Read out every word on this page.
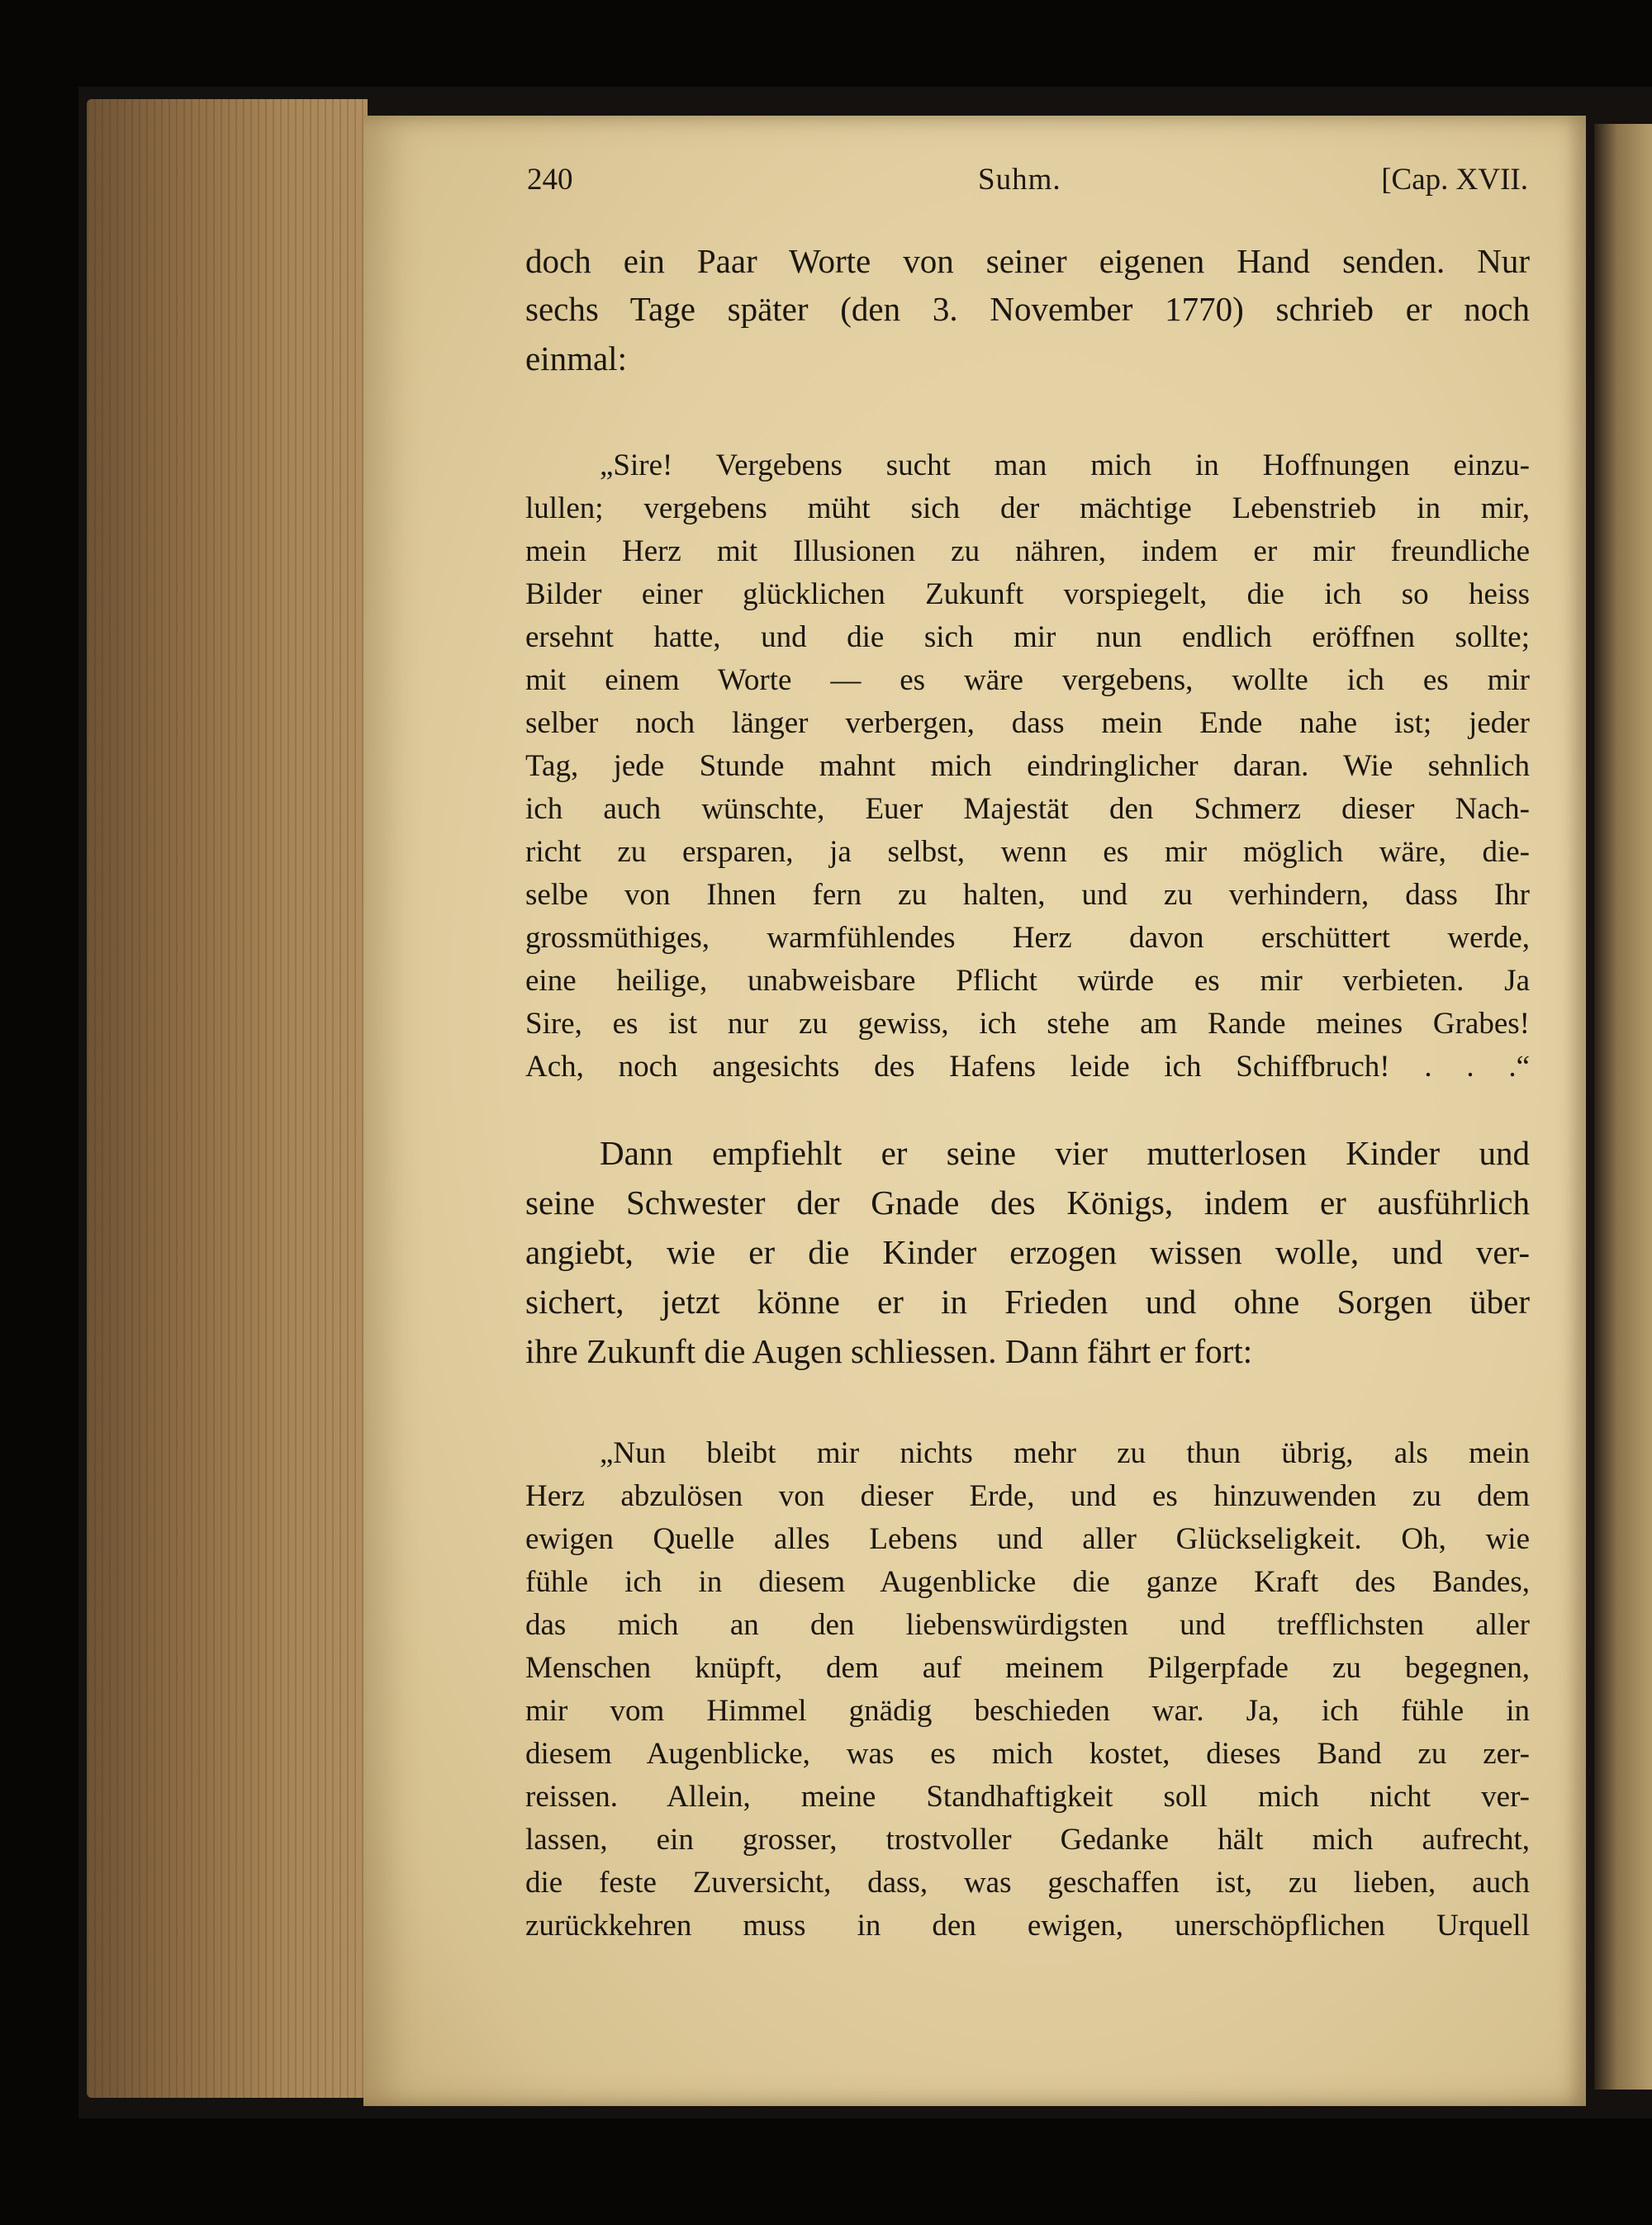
240	Suhm.	[Cap. XVII.
doch ein Paar Worte von seiner eigenen Hand senden. Nur
sechs Tage später (den 3. November 1770) schrieb er noch
einmal:
„Sire! Vergebens sucht man mich in Hoffnungen einzu-
lullen; vergebens müht sich der mächtige Lebenstrieb in mir,
mein Herz mit Illusionen zu nähren, indem er mir freundliche
Bilder einer glücklichen Zukunft vorspiegelt, die ich so heiss
ersehnt hatte, und die sich mir nun endlich eröffnen sollte;
mit einem Worte — es wäre vergebens, wollte ich es mir
selber noch länger verbergen, dass mein Ende nahe ist; jeder
Tag, jede Stunde mahnt mich eindringlicher daran. Wie sehnlich
ich auch wünschte, Euer Majestät den Schmerz dieser Nach-
richt zu ersparen, ja selbst, wenn es mir möglich wäre, die-
selbe von Ihnen fern zu halten, und zu verhindern, dass Ihr
grossmüthiges, warmfühlendes Herz davon erschüttert werde,
eine heilige, unabweisbare Pflicht würde es mir verbieten. Ja
Sire, es ist nur zu gewiss, ich stehe am Rande meines Grabes!
Ach, noch angesichts des Hafens leide ich Schiffbruch! . . .“
Dann empfiehlt er seine vier mutterlosen Kinder und
seine Schwester der Gnade des Königs, indem er ausführlich
angiebt, wie er die Kinder erzogen wissen wolle, und ver-
sichert, jetzt könne er in Frieden und ohne Sorgen über
ihre Zukunft die Augen schliessen. Dann fährt er fort:
„Nun bleibt mir nichts mehr zu thun übrig, als mein
Herz abzulösen von dieser Erde, und es hinzuwenden zu dem
ewigen Quelle alles Lebens und aller Glückseligkeit. Oh, wie
fühle ich in diesem Augenblicke die ganze Kraft des Bandes,
das mich an den liebenswürdigsten und trefflichsten aller
Menschen knüpft, dem auf meinem Pilgerpfade zu begegnen,
mir vom Himmel gnädig beschieden war. Ja, ich fühle in
diesem Augenblicke, was es mich kostet, dieses Band zu zer-
reissen. Allein, meine Standhaftigkeit soll mich nicht ver-
lassen, ein grosser, trostvoller Gedanke hält mich aufrecht,
die feste Zuversicht, dass, was geschaffen ist, zu lieben, auch
zurückkehren muss in den ewigen, unerschöpflichen Urquell
